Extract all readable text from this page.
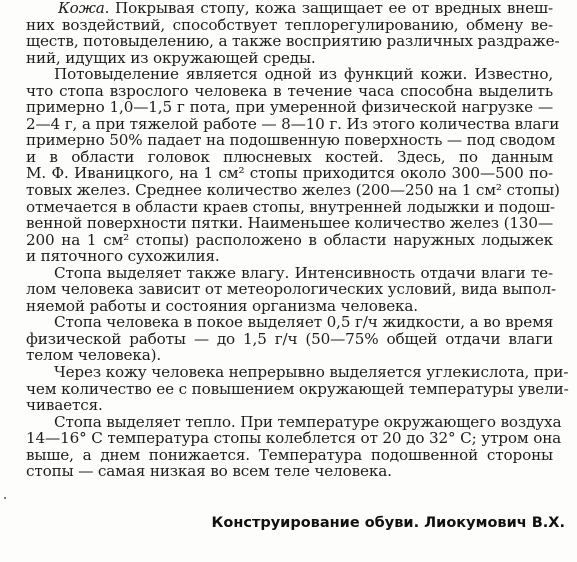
Кожа. Покрывая стопу, кожа защищает ее от вредных внеш-
них воздействий, способствует теплорегулированию, обмену ве-
ществ, потовыделению, а также восприятию различных раздраже-
ний, идущих из окружающей среды.
Потовыделение является одной из функций кожи. Известно,
что стопа взрослого человека в течение часа способна выделить
примерно 1,0—1,5 г пота, при умеренной физической нагрузке —
2—4 г, а при тяжелой работе — 8—10 г. Из этого количества влаги
примерно 50% падает на подошвенную поверхность — под сводом
и в области головок плюсневых костей. Здесь, по данным
М. Ф. Иваницкого, на 1 см² стопы приходится около 300—500 по-
товых желез. Среднее количество желез (200—250 на 1 см² стопы)
отмечается в области краев стопы, внутренней лодыжки и подош-
венной поверхности пятки. Наименьшее количество желез (130—
200 на 1 см² стопы) расположено в области наружных лодыжек
и пяточного сухожилия.
Стопа выделяет также влагу. Интенсивность отдачи влаги те-
лом человека зависит от метеорологических условий, вида выпол-
няемой работы и состояния организма человека.
Стопа человека в покое выделяет 0,5 г/ч жидкости, а во время
физической работы — до 1,5 г/ч (50—75% общей отдачи влаги
телом человека).
Через кожу человека непрерывно выделяется углекислота, при-
чем количество ее с повышением окружающей температуры увели-
чивается.
Стопа выделяет тепло. При температуре окружающего воздуха
14—16° С температура стопы колеблется от 20 до 32° С; утром она
выше, а днем понижается. Температура подошвенной стороны
стопы — самая низкая во всем теле человека.
Конструирование обуви. Лиокумович В.Х.
